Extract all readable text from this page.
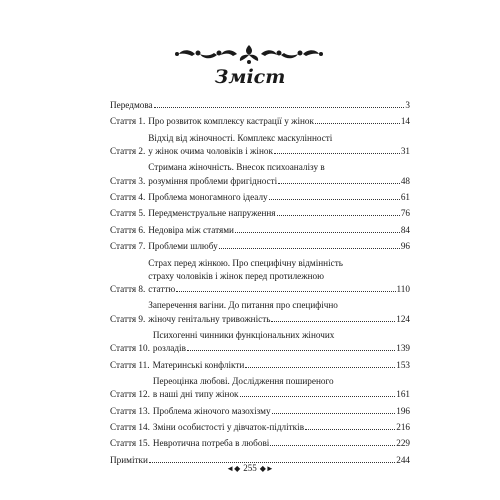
Зміст
Передмова	3
Стаття 1. Про розвиток комплексу кастрації у жінок	14
Стаття 2.
Відхід від жіночності. Комплекс маскулінності
у жінок очима чоловіків і жінок	31
Стаття 3.
Стримана жіночність. Внесок психоаналізу в
розуміння проблеми фригідності	48
Стаття 4. Проблема моногамного ідеалу	61
Стаття 5. Передменструальне напруження	76
Стаття 6. Недовіра між статями	84
Стаття 7. Проблеми шлюбу	96
Стаття 8.
Страх перед жінкою. Про специфічну відмінність
страху чоловіків і жінок перед протилежною
статтю	110
Стаття 9.
Заперечення вагіни. До питання про специфічно
жіночу генітальну тривожність	124
Стаття 10.
Психогенні чинники функціональних жіночих
розладів	139
Стаття 11. Материнські конфлікти	153
Стаття 12.
Переоцінка любові. Дослідження поширеного
в наші дні типу жінок	161
Стаття 13. Проблема жіночого мазохізму	196
Стаття 14. Зміни особистості у дівчаток-підлітків	216
Стаття 15. Невротична потреба в любові	229
Примітки	244
◄◆ 255 ◆►
